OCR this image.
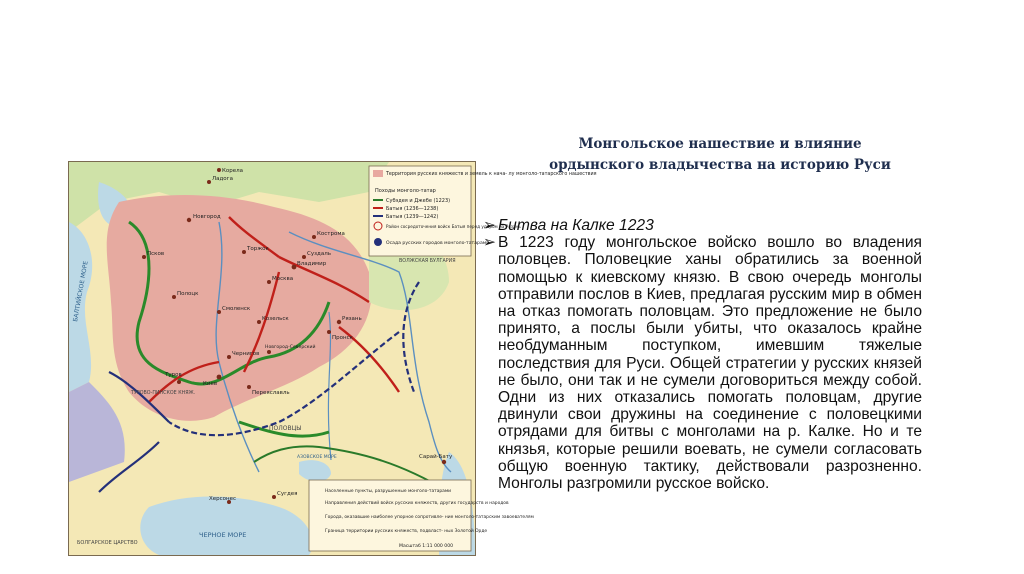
Территория русских княжеств и земель к нача- лу монголо-татарского нашествия
Походы монголо-татар
Субэдея и Джебе (1223)
Батыя (1236—1238)
Батыя (1239—1242)
Район сосредоточения войск Батыя перед ударом на Рязань
Осада русских городов монголо-татарами
Населенные пункты, разрушенные монголо-татарами
Направления действий войск русских княжеств, других государств и народов
Города, оказавшие наиболее упорное сопротивле- ние монголо-татарским завоевателям
Граница территории русских княжеств, подвласт- ных Золотой Орде
Масштаб 1:11 000 000
БАЛТИЙСКОЕ МОРЕ
ЧЕРНОЕ МОРЕ
АЗОВСКОЕ МОРЕ
БОЛГАРСКОЕ ЦАРСТВО
ВОЛЖСКАЯ БУЛГАРИЯ
ТУРОВО-ПИНСКОЕ КНЯЖ.
ПОЛОВЦЫ
Новгород
Псков
Полоцк
Смоленск
Владимир
Рязань
Киев
Переяславль
Чернигов
Новгород-Северский
Туров
Козельск
Сарай-Бату
Ладога
Корела
Сугдея
Херсонес
Торжок
Кострома
Суздаль
Москва
Пронск
Монгольское нашествие и влияние
ордынского владычества на историю Руси
➢ Битва на Калке 1223
➢ В 1223 году монгольское войско вошло во владения половцев. Половецкие ханы обратились за военной помощью к киевскому князю. В свою очередь монголы отправили послов в Киев, предлагая русским мир в обмен на отказ помогать половцам. Это предложение не было принято, а послы были убиты, что оказалось крайне необдуманным поступком, имевшим тяжелые последствия для Руси. Общей стратегии у русских князей не было, они так и не сумели договориться между собой. Одни из них отказались помогать половцам, другие двинули свои дружины на соединение с половецкими отрядами для битвы с монголами на р. Калке. Но и те князья, которые решили воевать, не сумели согласовать общую военную тактику, действовали разрозненно. Монголы разгромили русское войско.
